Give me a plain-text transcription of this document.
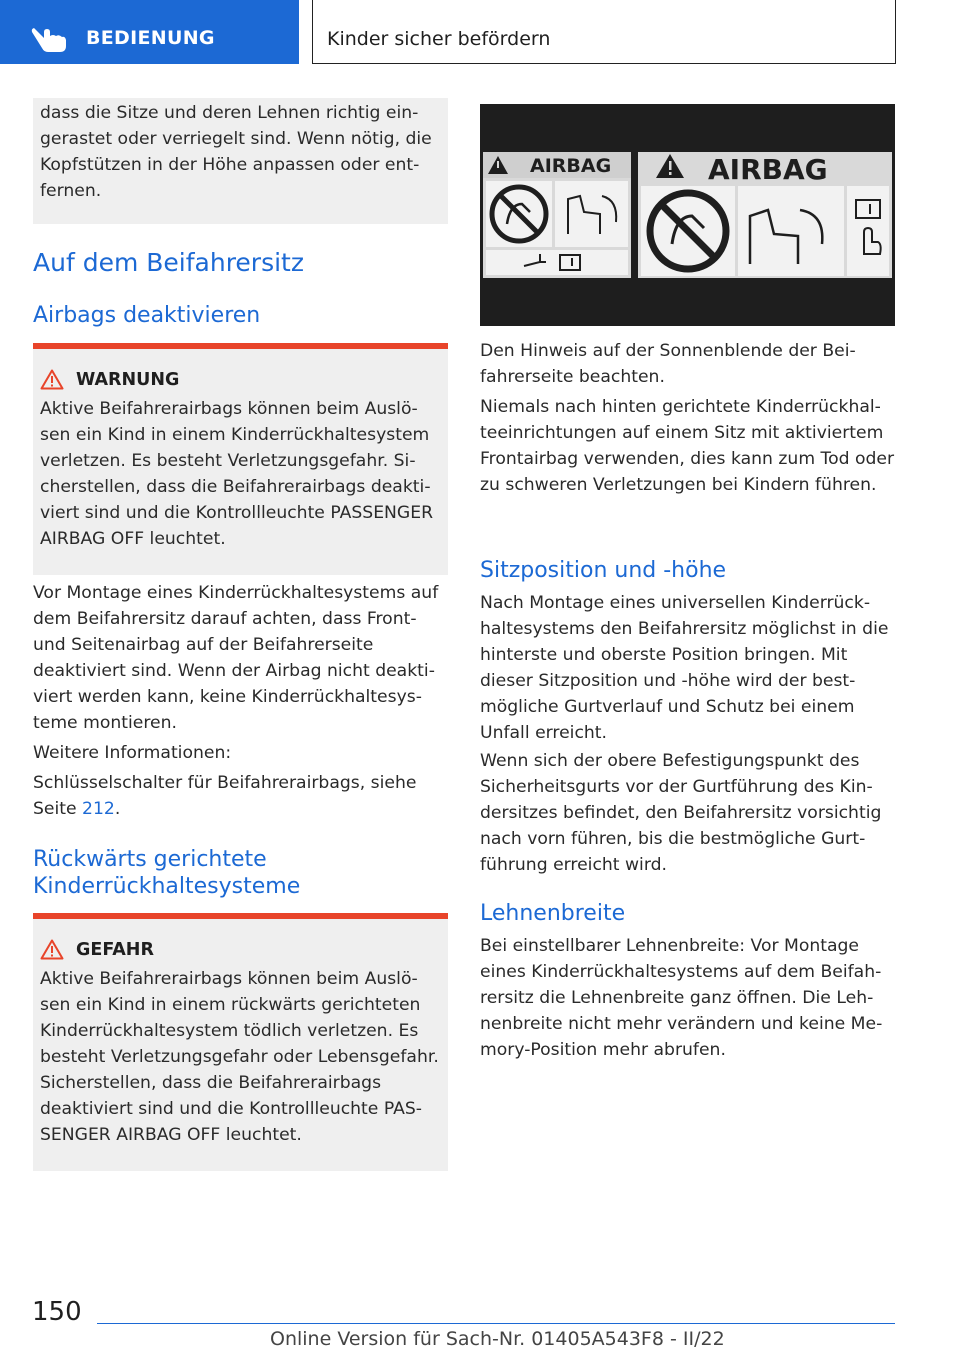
BEDIENUNG	Kinder sicher befördern
dass die Sitze und deren Lehnen richtig eingerastet oder verriegelt sind. Wenn nötig, die Kopfstützen in der Höhe anpassen oder entfernen.
Auf dem Beifahrersitz
Airbags deaktivieren
WARNUNG
Aktive Beifahrerairbags können beim Auslösen ein Kind in einem Kinderrückhaltesystem verletzen. Es besteht Verletzungsgefahr. Sicherstellen, dass die Beifahrerairbags deaktiviert sind und die Kontrollleuchte PASSENGER AIRBAG OFF leuchtet.
Vor Montage eines Kinderrückhaltesystems auf dem Beifahrersitz darauf achten, dass Front- und Seitenairbag auf der Beifahrerseite deaktiviert sind. Wenn der Airbag nicht deaktiviert werden kann, keine Kinderrückhaltesysteme montieren.
Weitere Informationen:
Schlüsselschalter für Beifahrerairbags, siehe Seite 212.
Rückwärts gerichtete Kinderrückhaltesysteme
GEFAHR
Aktive Beifahrerairbags können beim Auslösen ein Kind in einem rückwärts gerichteten Kinderrückhaltesystem tödlich verletzen. Es besteht Verletzungsgefahr oder Lebensgefahr. Sicherstellen, dass die Beifahrerairbags deaktiviert sind und die Kontrollleuchte PASSENGER AIRBAG OFF leuchtet.
AIRBAG	AIRBAG
Den Hinweis auf der Sonnenblende der Beifahrerseite beachten.
Niemals nach hinten gerichtete Kinderrückhalteeinrichtungen auf einem Sitz mit aktiviertem Frontairbag verwenden, dies kann zum Tod oder zu schweren Verletzungen bei Kindern führen.
Sitzposition und -höhe
Nach Montage eines universellen Kinderrückhaltesystems den Beifahrersitz möglichst in die hinterste und oberste Position bringen. Mit dieser Sitzposition und -höhe wird der bestmögliche Gurtverlauf und Schutz bei einem Unfall erreicht.
Wenn sich der obere Befestigungspunkt des Sicherheitsgurts vor der Gurtführung des Kindersitzes befindet, den Beifahrersitz vorsichtig nach vorn führen, bis die bestmögliche Gurtführung erreicht wird.
Lehnenbreite
Bei einstellbarer Lehnenbreite: Vor Montage eines Kinderrückhaltesystems auf dem Beifahrersitz die Lehnenbreite ganz öffnen. Die Lehnenbreite nicht mehr verändern und keine Memory-Position mehr abrufen.
150
Online Version für Sach-Nr. 01405A543F8 - II/22
